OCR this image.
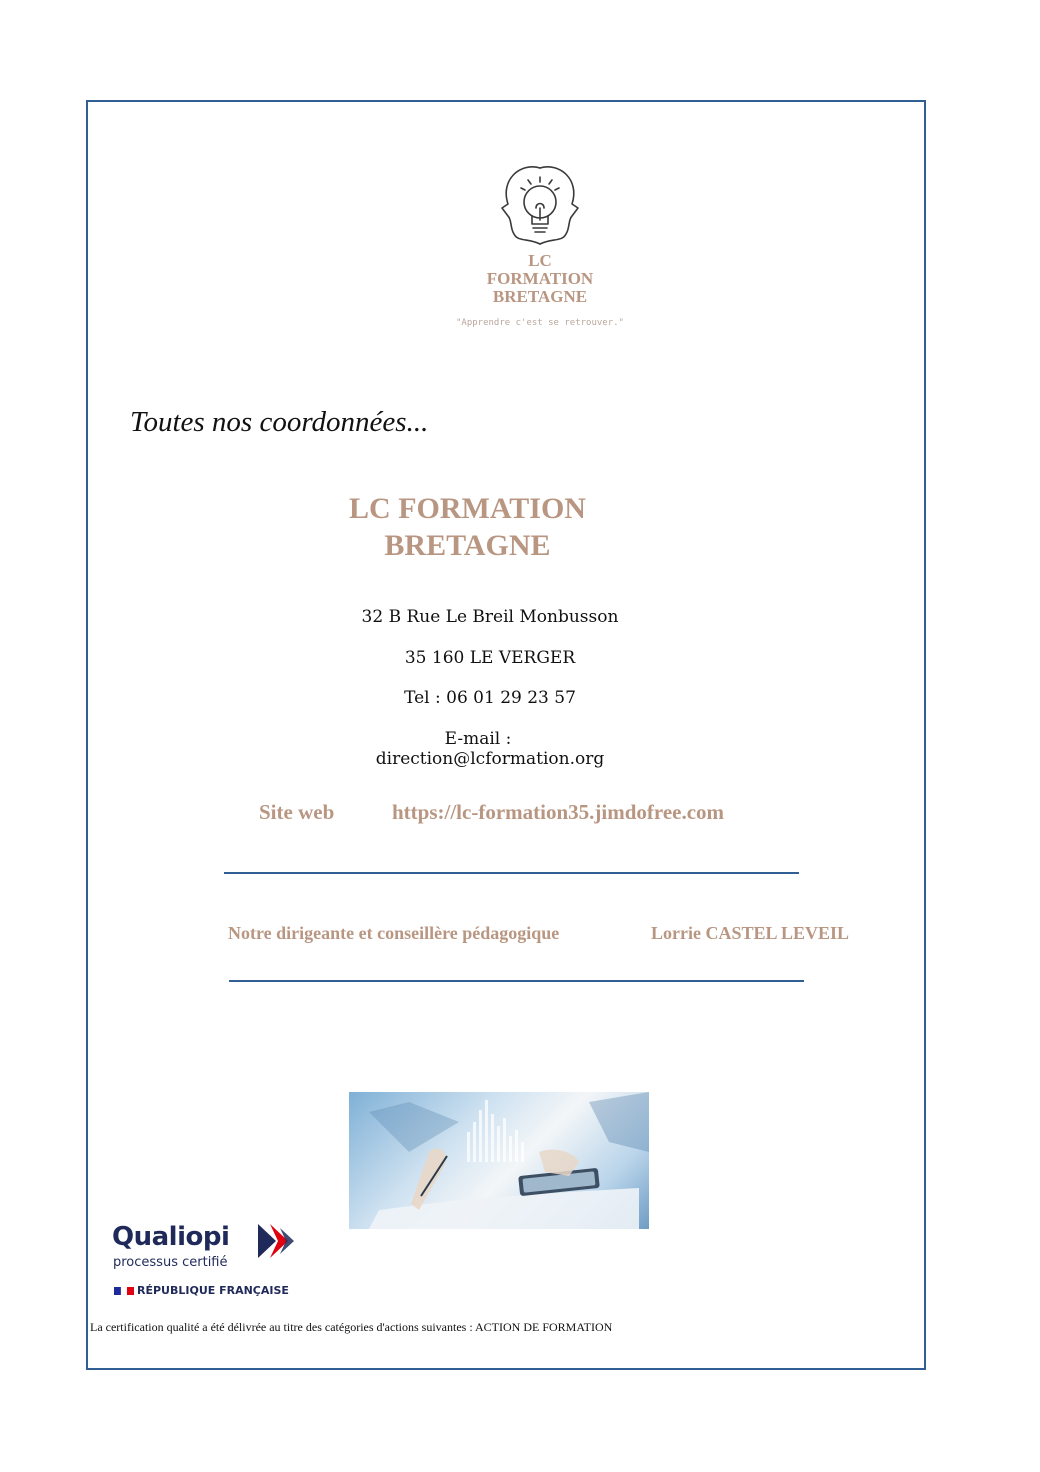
LC
FORMATION
BRETAGNE
"Apprendre c'est se retrouver."
Toutes nos coordonnées...
LC FORMATION
BRETAGNE
32 B Rue Le Breil Monbusson
35 160 LE VERGER
Tel : 06 01 29 23 57
E-mail :
direction@lcformation.org
Site web	https://lc-formation35.jimdofree.com
Notre dirigeante et conseillère pédagogique	Lorrie CASTEL LEVEIL
Qualiopi
processus certifié
RÉPUBLIQUE FRANÇAISE
La certification qualité a été délivrée au titre des catégories d'actions suivantes : ACTION DE FORMATION
